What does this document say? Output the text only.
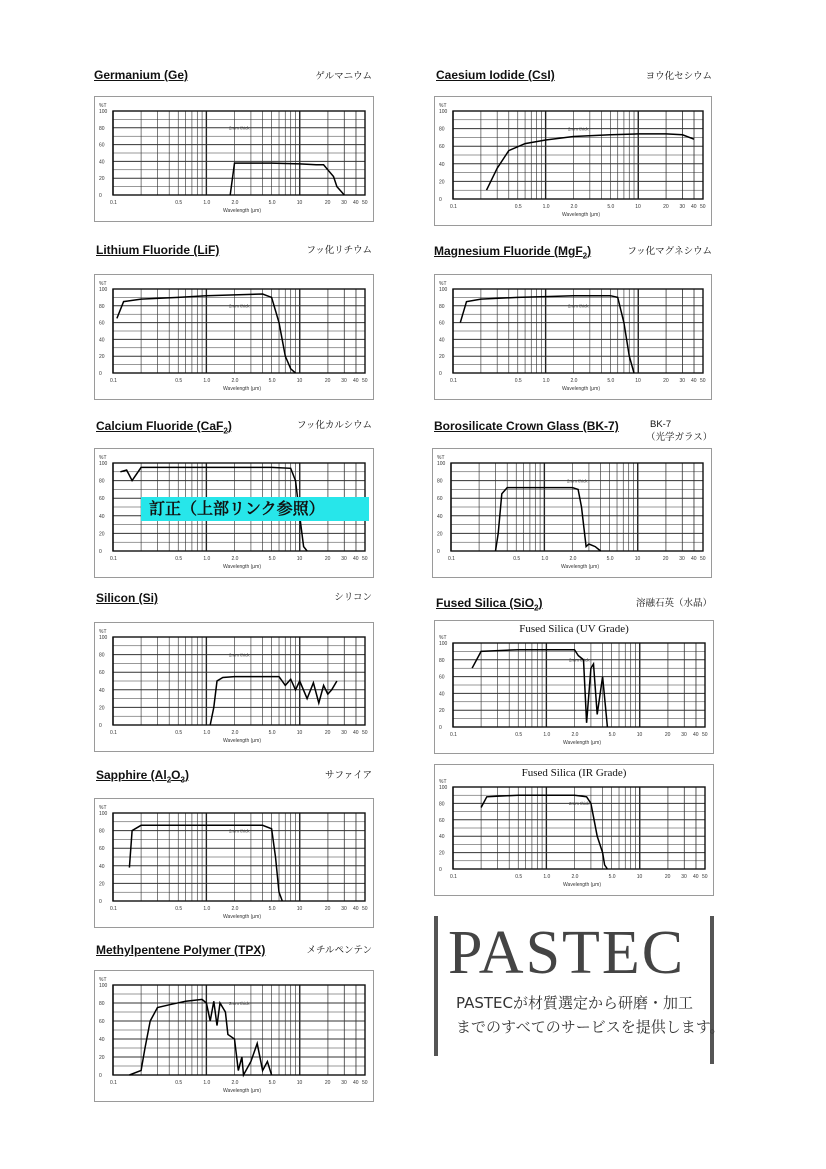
Germanium (Ge)	ゲルマニウム	Caesium Iodide (CsI)	ヨウ化セシウム
Lithium Fluoride (LiF)	フッ化リチウム	Magnesium Fluoride (MgF$_2$)	フッ化マグネシウム
Calcium Fluoride (CaF$_2$)	フッ化カルシウム	Borosilicate Crown Glass (BK-7)	BK-7
（光学ガラス）
Silicon (Si)	シリコン	Fused Silica (SiO$_2$)	溶融石英（水晶）
Sapphire $(Al_2O_3)$	サファイア
Methylpentene Polymer (TPX)	メチルペンテン
%T
100
80
60
40
20
0
0.1	0.5	1.0	2.0	5.0	10	20 30 40 50
Wavelength (μm)
2mm thick
%T
100
80
60
40
20
0
0.1	0.5	1.0	2.0	5.0	10	20 30 40 50
Wavelength (μm)
2mm thick
%T
100
80
60
40
20
0
0.1	0.5	1.0	2.0	5.0	10	20 30 40 50
Wavelength (μm)
2mm thick
%T
100
80
60
40
20
0
0.1	0.5	1.0	2.0	5.0	10	20 30 40 50
Wavelength (μm)
2mm thick
%T
100
80
60
40
20
0
0.1	0.5	1.0	2.0	5.0	10	20 30 40 50
Wavelength (μm)
%T
100
80
60
40
20
0
0.1	0.5	1.0	2.0	5.0	10	20 30 40 50
Wavelength (μm)
2mm thick
%T
100
80
60
40
20
0
0.1	0.5	1.0	2.0	5.0	10	20 30 40 50
Wavelength (μm)
2mm thick
Fused Silica (UV Grade)
%T
100
80
60
40
20
0
0.1	0.5	1.0	2.0	5.0	10	20 30 40 50
Wavelength (μm)
2mm thick
%T
100
80
60
40
20
0
0.1	0.5	1.0	2.0	5.0	10	20 30 40 50
Wavelength (μm)
2mm thick
Fused Silica (IR Grade)
%T
100
80
60
40
20
0
0.1	0.5	1.0	2.0	5.0	10	20 30 40 50
Wavelength (μm)
2mm thick
%T
100
80
60
40
20
0
0.1	0.5	1.0	2.0	5.0	10	20 30 40 50
Wavelength (μm)
2mm thick
訂正（上部リンク参照）
PASTEC
PASTECが材質選定から研磨・加工
までのすべてのサービスを提供します。
